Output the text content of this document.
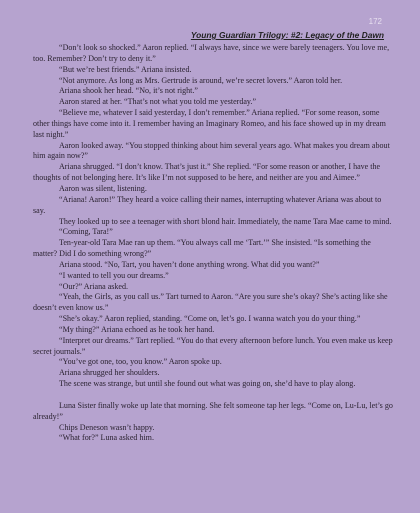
172
Young Guardian Trilogy: #2: Legacy of the Dawn

“Don’t look so shocked.” Aaron replied. “I always have, since we were barely teenagers. You love me, too. Remember? Don’t try to deny it.”

“But we’re best friends.” Ariana insisted.

“Not anymore. As long as Mrs. Gertrude is around, we’re secret lovers.” Aaron told her.

Ariana shook her head. “No, it’s not right.”

Aaron stared at her. “That’s not what you told me yesterday.”

“Believe me, whatever I said yesterday, I don’t remember.” Ariana replied. “For some reason, some other things have come into it. I remember having an Imaginary Romeo, and his face showed up in my dream last night.”

Aaron looked away. “You stopped thinking about him several years ago. What makes you dream about him again now?”

Ariana shrugged. “I don’t know. That’s just it.” She replied. “For some reason or another, I have the thoughts of not belonging here. It’s like I’m not supposed to be here, and neither are you and Aimee.”

Aaron was silent, listening.

“Ariana! Aaron!” They heard a voice calling their names, interrupting whatever Ariana was about to say.

They looked up to see a teenager with short blond hair. Immediately, the name Tara Mae came to mind.

“Coming, Tara!”

Ten-year-old Tara Mae ran up them. “You always call me ‘Tart.’” She insisted. “Is something the matter? Did I do something wrong?”

Ariana stood. “No, Tart, you haven’t done anything wrong. What did you want?”

“I wanted to tell you our dreams.”

“Our?” Ariana asked.

“Yeah, the Girls, as you call us.” Tart turned to Aaron. “Are you sure she’s okay? She’s acting like she doesn’t even know us.”

“She’s okay.” Aaron replied, standing. “Come on, let’s go. I wanna watch you do your thing.”

“My thing?” Ariana echoed as he took her hand.

“Interpret our dreams.” Tart replied. “You do that every afternoon before lunch. You even make us keep secret journals.”

“You’ve got one, too, you know.” Aaron spoke up.

Ariana shrugged her shoulders.

The scene was strange, but until she found out what was going on, she’d have to play along.

Luna Sister finally woke up late that morning. She felt someone tap her legs. “Come on, Lu-Lu, let’s go already!”

Chips Deneson wasn’t happy.

“What for?” Luna asked him.
